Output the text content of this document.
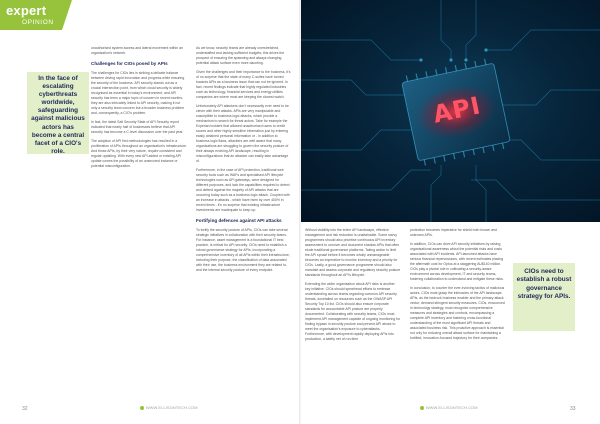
expert
OPINION
In the face of escalating cyberthreats worldwide, safeguarding against malicious actors has become a central facet of a CIO's role.
CIOs need to establish a robust governance strategy for APIs.

unauthorised system access and lateral movement within an organisation's network.

Challenges for CIOs posed by APIs

The challenges for CIOs lies in striking a delicate balance between driving rapid innovation and progress while ensuring the security of the business. API security stands out as a crucial intersection point, from which cloud security is widely recognised as essential in today's environment, and API security has been a major topic of concern in recent months; they are also intricately linked to API security, making it not only a security team concern but a broader business problem and, consequently, a CIO's problem.

In fact, the latest Salt Security State of API Security report indicated that nearly half of businesses believe that API security has become a C-level discussion over the past year.

The adoption of API first methodologies has resulted in a proliferation of APIs throughout an organisation's infrastructure. And those APIs, by their very nature, require consistent and regular updating. With every new API added or existing API update comes the possibility of an unsecured instance or potential misconfiguration.

As we know, security teams are already overstretched, understaffed and lacking sufficient budgets; this drives the prospect of ensuring the spawning and always changing potential attack surface even more daunting.

Given the challenges and their importance to the business, it's of no surprise that the state of many C-suites have turned towards APIs as a business issue that can not be ignored. In fact, recent findings indicate that highly regulated industries such as technology, financial services and energy utilities companies are where most are keeping the closest watch.

Unfortunately API attackers don't necessarily ever need to be clever with their attacks. APIs are very manipulable and susceptible to business logic attacks, which provide a mechanism to search for threat actors. Take for example the Experian incident that allowed unauthorised users to credit scores and other highly sensitive information just by entering easily obtained personal information or - in addition to business logic flaws, attackers are well aware that many organisations are struggling to govern the security posture of their always evolving API landscape, resulting in misconfigurations that an attacker can easily take advantage of.

Furthermore, in the case of API protection, traditional web security tools such as WAFs and specialised API lifecycle technologies such as API gateways, were designed for different purposes, and lack the capabilities required to detect and defend against the majority of API attacks that are occurring today such as a business logic attack. Coupled with an increase in attacks - which have risen by over 400% in recent times - it's no surprise that existing infrastructure investments are inadequate to keep up.

Fortifying defences against API attacks

To fortify the security posture of APIs, CIOs can take several strategic initiatives in collaboration with their security teams. For instance, asset management is a foundational IT best practice, is critical for API security. CIOs need to establish a robust governance strategy for APIs, incorporating a comprehensive inventory of all APIs within their infrastructure, including their purpose, the classification of data associated with their use, the business environment they are related to, and the internal security posture of every endpoint.

API

Without visibility into the entire API landscape, effective management and risk reduction is unattainable. Some savvy programmes should also prioritise continuous API inventory assessment to uncover and document shadow APIs that often elude traditional governance platforms. Taking action to limit the API sprawl before it becomes wholly unmanageable becomes an imperative to monitor inventory and a priority for CIOs. Lastly, a good governance programme should also mandate and assess corporate and regulatory security posture standards throughout an API's lifecycle.

Extending the wider organisation about API risks is another key initiative. CIOs should spearhead efforts to embrace understanding across teams regarding common API security threats, dovetailed on resources such as the OWASP API Security Top 10 list. CIOs should also ensure corporate standards for accountable API posture are properly documented. Collaborating with security teams, CIOs must implement API management capable of ongoing monitoring for finding bypass in security posture and prevent API abuse to meet the organisation's exposure to cyberattacks. Furthermore, with development rapidly deploying APIs into production, a safety net of run-time

protection becomes imperative for shield both known and unknown APIs.

In addition, CIOs can drive API security initiatives by raising organisational awareness about the potential risks and costs associated with API incidents. API-launched attacks have serious financial repercussions, with recent estimates placing the aftermath cost for Optus at a staggering AU$140 million. CIOs play a pivotal role in cultivating a security-aware environment across development, IT and security teams, fostering collaboration to understand and mitigate these risks.

In conclusion, to counter the ever-evolving tactics of malicious actors, CIOs must grasp the intricacies of the API landscape. APIs, as the bedrock business enabler and the primary attack vector, demand stringent security measures. CIOs, ensconced in technology strategy, must recognise comprehensive measures and strategies and controls, encompassing a complete API inventory and fostering cross-functional understanding of the most significant API threats and associated business risk. This proactive approach is essential not only for reducing overall attack surface for maintaining a fortified, innovation-focused trajectory for their companies.

32	WWW.ELLISONTECH.COM	WWW.ELLISONTECH.COM	33
